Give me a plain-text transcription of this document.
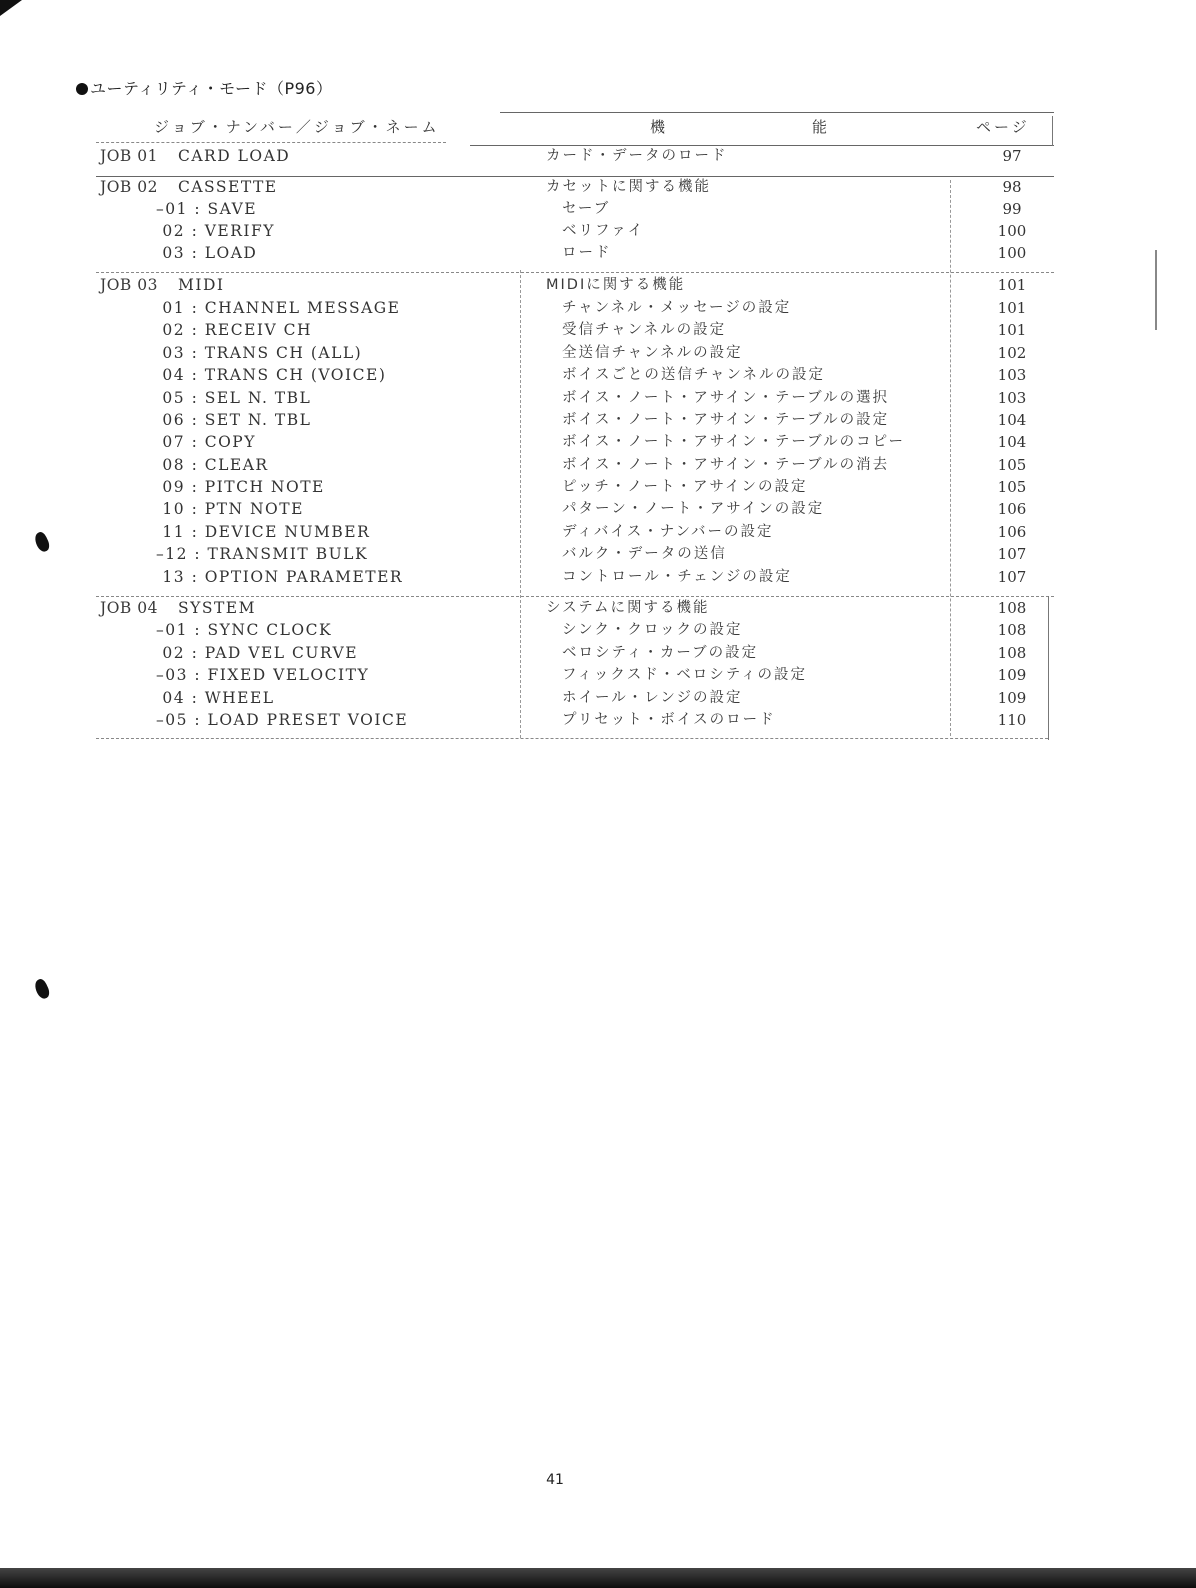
ユーティリティ・モード（P96）
ジョブ・ナンバー／ジョブ・ネーム	機	能	ページ
JOB 01 CARD LOAD	カード・データのロード	97
JOB 02 CASSETTE	カセットに関する機能	98
–01 : SAVE	セーブ	99
02 : VERIFY	ベリファイ	100
03 : LOAD	ロード	100
JOB 03 MIDI	MIDIに関する機能	101
01 : CHANNEL MESSAGE	チャンネル・メッセージの設定	101
02 : RECEIV CH	受信チャンネルの設定	101
03 : TRANS CH (ALL)	全送信チャンネルの設定	102
04 : TRANS CH (VOICE)	ボイスごとの送信チャンネルの設定	103
05 : SEL N. TBL	ボイス・ノート・アサイン・テーブルの選択	103
06 : SET N. TBL	ボイス・ノート・アサイン・テーブルの設定	104
07 : COPY	ボイス・ノート・アサイン・テーブルのコピー	104
08 : CLEAR	ボイス・ノート・アサイン・テーブルの消去	105
09 : PITCH NOTE	ピッチ・ノート・アサインの設定	105
10 : PTN NOTE	パターン・ノート・アサインの設定	106
11 : DEVICE NUMBER	ディバイス・ナンバーの設定	106
–12 : TRANSMIT BULK	バルク・データの送信	107
13 : OPTION PARAMETER	コントロール・チェンジの設定	107
JOB 04 SYSTEM	システムに関する機能	108
–01 : SYNC CLOCK	シンク・クロックの設定	108
02 : PAD VEL CURVE	ベロシティ・カーブの設定	108
–03 : FIXED VELOCITY	フィックスド・ベロシティの設定	109
04 : WHEEL	ホイール・レンジの設定	109
–05 : LOAD PRESET VOICE	プリセット・ボイスのロード	110
41
